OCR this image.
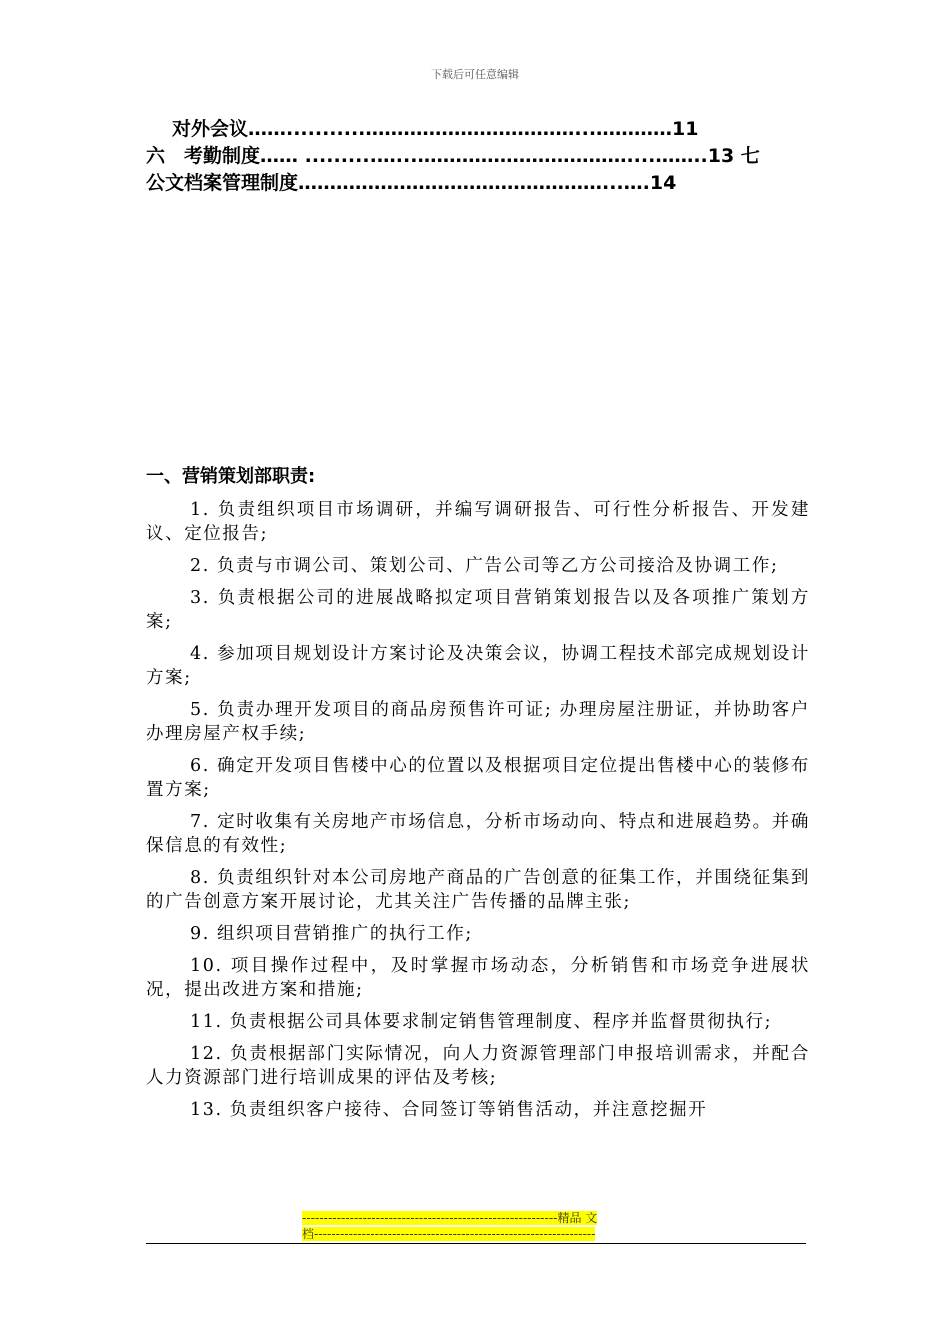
下载后可任意编辑
对外会议……...........……………………………...…………11
六　考勤制度…… ..........…...……………………………....……..13 七
公文档案管理制度…………………………………………...….14
一、营销策划部职责:

1. 负责组织项目市场调研，并编写调研报告、可行性分析报告、开发建议、定位报告;

2. 负责与市调公司、策划公司、广告公司等乙方公司接洽及协调工作;

3. 负责根据公司的进展战略拟定项目营销策划报告以及各项推广策划方案;

4. 参加项目规划设计方案讨论及决策会议，协调工程技术部完成规划设计方案;

5. 负责办理开发项目的商品房预售许可证; 办理房屋注册证，并协助客户办理房屋产权手续;

6. 确定开发项目售楼中心的位置以及根据项目定位提出售楼中心的装修布置方案;

7. 定时收集有关房地产市场信息，分析市场动向、特点和进展趋势。并确保信息的有效性;

8. 负责组织针对本公司房地产商品的广告创意的征集工作，并围绕征集到的广告创意方案开展讨论，尤其关注广告传播的品牌主张;

9. 组织项目营销推广的执行工作;

10. 项目操作过程中，及时掌握市场动态，分析销售和市场竞争进展状况，提出改进方案和措施;

11. 负责根据公司具体要求制定销售管理制度、程序并监督贯彻执行;

12. 负责根据部门实际情况，向人力资源管理部门申报培训需求，并配合人力资源部门进行培训成果的评估及考核;

13. 负责组织客户接待、合同签订等销售活动，并注意挖掘开

-----------------------------------------------------------精品 文
档-----------------------------------------------------------------
